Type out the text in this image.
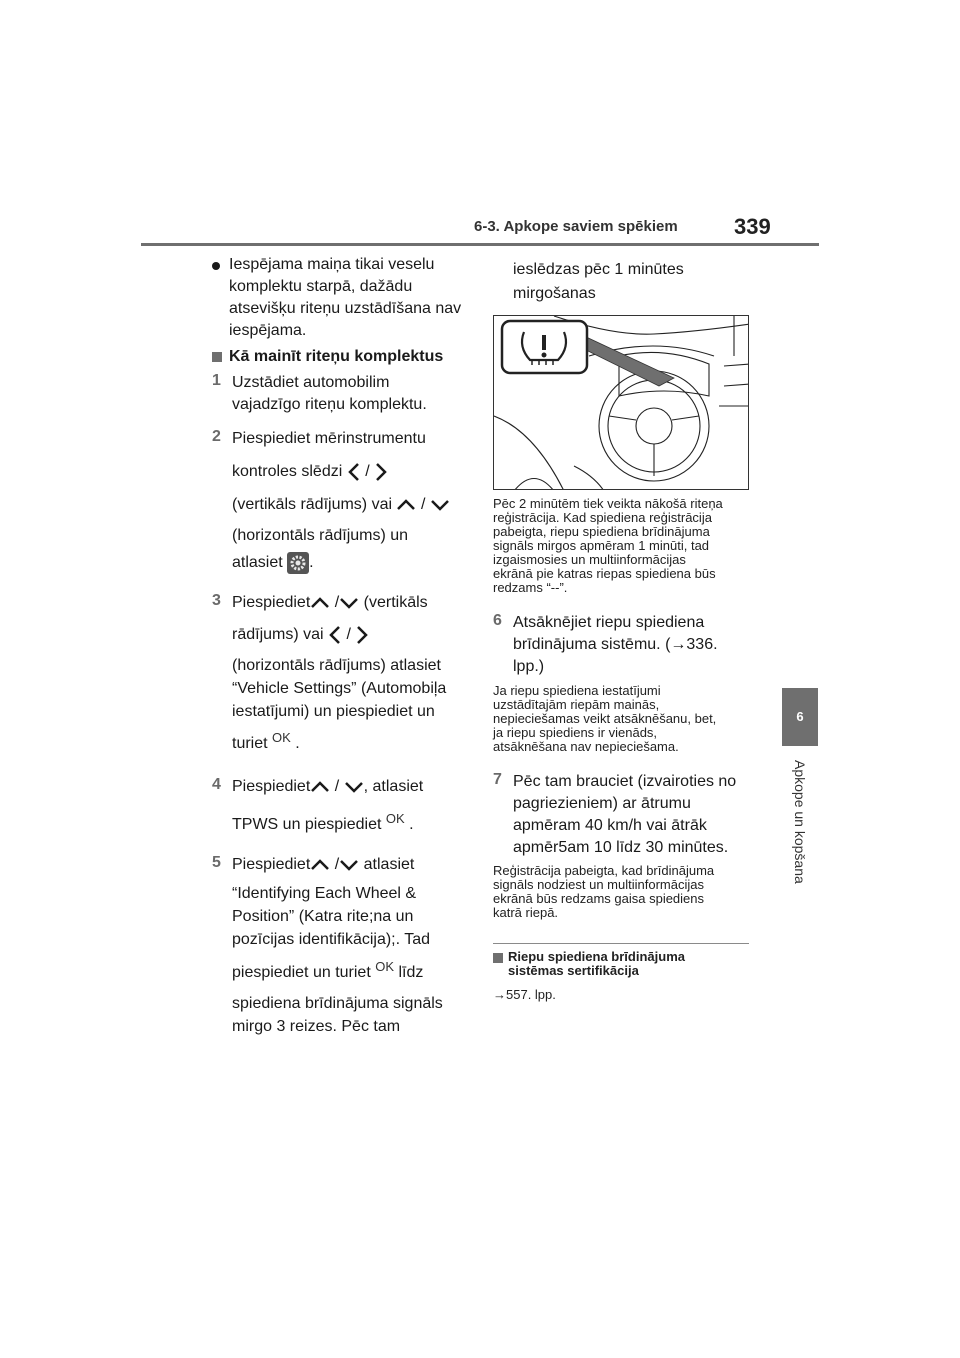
6-3. Apkope saviem spēkiem	339
6
Apkope un kopšana
Iespējama maiņa tikai veselu
komplektu starpā, dažādu
atsevišķu riteņu uzstādīšana nav
iespējama.
Kā mainīt riteņu komplektus
1 Uzstādiet automobilim
vajadzīgo riteņu komplektu.
2 Piespiediet mērinstrumentu
kontroles slēdzi /
(vertikāls rādījums) vai /
(horizontāls rādījums) un
atlasiet .
3 Piespiediet / (vertikāls
rādījums) vai /
(horizontāls rādījums) atlasiet
“Vehicle Settings” (Automobiļa
iestatījumi) un piespiediet un
turiet $^{OK}$ .
4 Piespiediet / , atlasiet
TPWS un piespiediet $^{OK}$ .
5 Piespiediet / atlasiet
“Identifying Each Wheel &
Position” (Katra rite;na un
pozīcijas identifikācija);. Tad
piespiediet un turiet $^{OK}$ līdz
spiediena brīdinājuma signāls
mirgo 3 reizes. Pēc tam
ieslēdzas pēc 1 minūtes
mirgošanas
Pēc 2 minūtēm tiek veikta nākošā riteņa
reģistrācija. Kad spiediena reģistrācija
pabeigta, riepu spiediena brīdinājuma
signāls mirgos apmēram 1 minūti, tad
izgaismosies un multiinformācijas
ekrānā pie katras riepas spiediena būs
redzams “--”.
6 Atsāknējiet riepu spiediena
brīdinājuma sistēmu. (→336.
lpp.)
Ja riepu spiediena iestatījumi
uzstādītajām riepām mainās,
nepieciešamas veikt atsāknēšanu, bet,
ja riepu spiediens ir vienāds,
atsāknēšana nav nepieciešama.
7 Pēc tam brauciet (izvairoties no
pagriezieniem) ar ātrumu
apmēram 40 km/h vai ātrāk
apmēr5am 10 līdz 30 minūtes.
Reģistrācija pabeigta, kad brīdinājuma
signāls nodziest un multiinformācijas
ekrānā būs redzams gaisa spiediens
katrā riepā.
Riepu spiediena brīdinājuma
sistēmas sertifikācija
→557. lpp.
